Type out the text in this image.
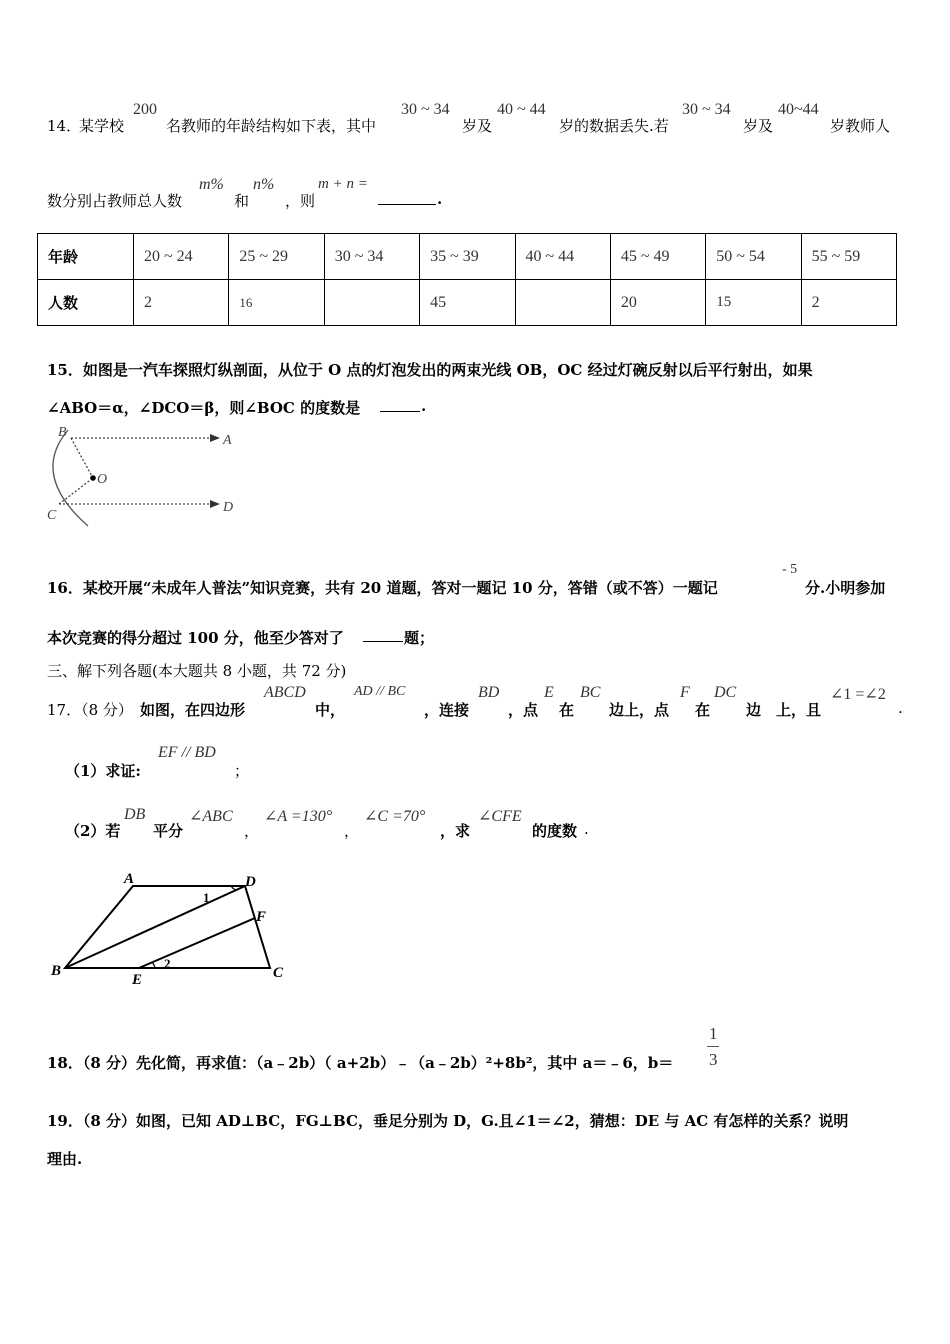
14．
某学校
200
名教师的年龄结构如下表，其中
30 ~ 34
岁及
40 ~ 44
岁的数据丢失.若
30 ~ 34
岁及
40~44
岁教师人
数分别占教师总人数
m%
和
n%
，则
m + n =
.
年龄	20 ~ 24	25 ~ 29	30 ~ 34	35 ~ 39	40 ~ 44	45 ~ 49	50 ~ 54	55 ~ 59
人数	2	16		45		20	15	2
15．如图是一汽车探照灯纵剖面，从位于 O 点的灯泡发出的两束光线 OB，OC 经过灯碗反射以后平行射出，如果
∠ABO＝α，∠DCO＝β，则∠BOC 的度数是	.
B
A
O
C
D
16．某校开展“未成年人普法”知识竞赛，共有 20 道题，答对一题记 10 分，答错（或不答）一题记
- 5
分.小明参加
本次竞赛的得分超过 100 分，他至少答对了	题；
三、解下列各题(本大题共 8 小题，共 72 分)
17．（8 分） 如图，在四边形
ABCD
中，
AD // BC
，连接
BD
，点
E
在
BC
边上，点
F
在
DC
边　上，且
∠1 =∠2
.
（1）求证:
EF // BD
；
（2）若
DB
平分
∠ABC
，
∠A =130°
，
∠C =70°
，求
∠CFE
的度数 .
A	D
F
B
E	C
1
2
18．（8 分）先化简，再求值：（a﹣2b）（ a+2b）﹣（a﹣2b）²+8b²，其中 a＝﹣6，b＝
1
3
19．（8 分）如图，已知 AD⊥BC，FG⊥BC，垂足分别为 D，G.且∠1＝∠2，猜想：DE 与 AC 有怎样的关系？说明
理由.
